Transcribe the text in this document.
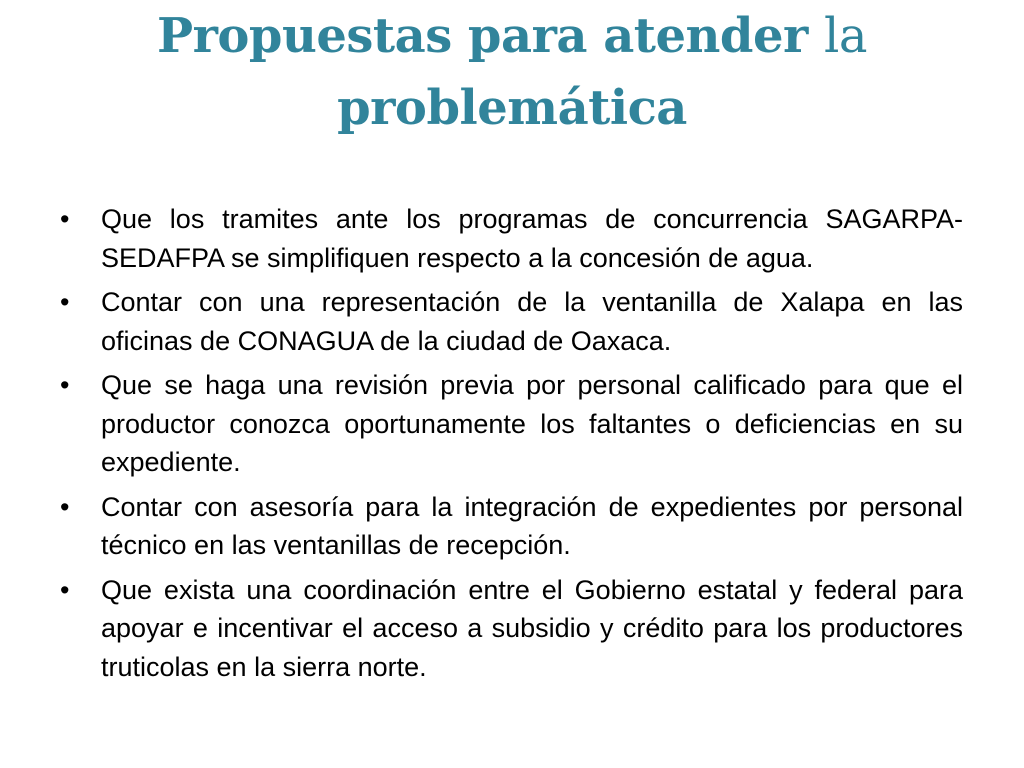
Propuestas para atender la
problemática
• Que los tramites ante los programas de concurrencia SAGARPA-SEDAFPA se simplifiquen respecto a la concesión de agua.
• Contar con una representación de la ventanilla de Xalapa en las oficinas de CONAGUA de la ciudad de Oaxaca.
• Que se haga una revisión previa por personal calificado para que el productor conozca oportunamente los faltantes o deficiencias en su expediente.
• Contar con asesoría para la integración de expedientes por personal técnico en las ventanillas de recepción.
• Que exista una coordinación entre el Gobierno estatal y federal para apoyar e incentivar el acceso a subsidio y crédito para los productores truticolas en la sierra norte.
